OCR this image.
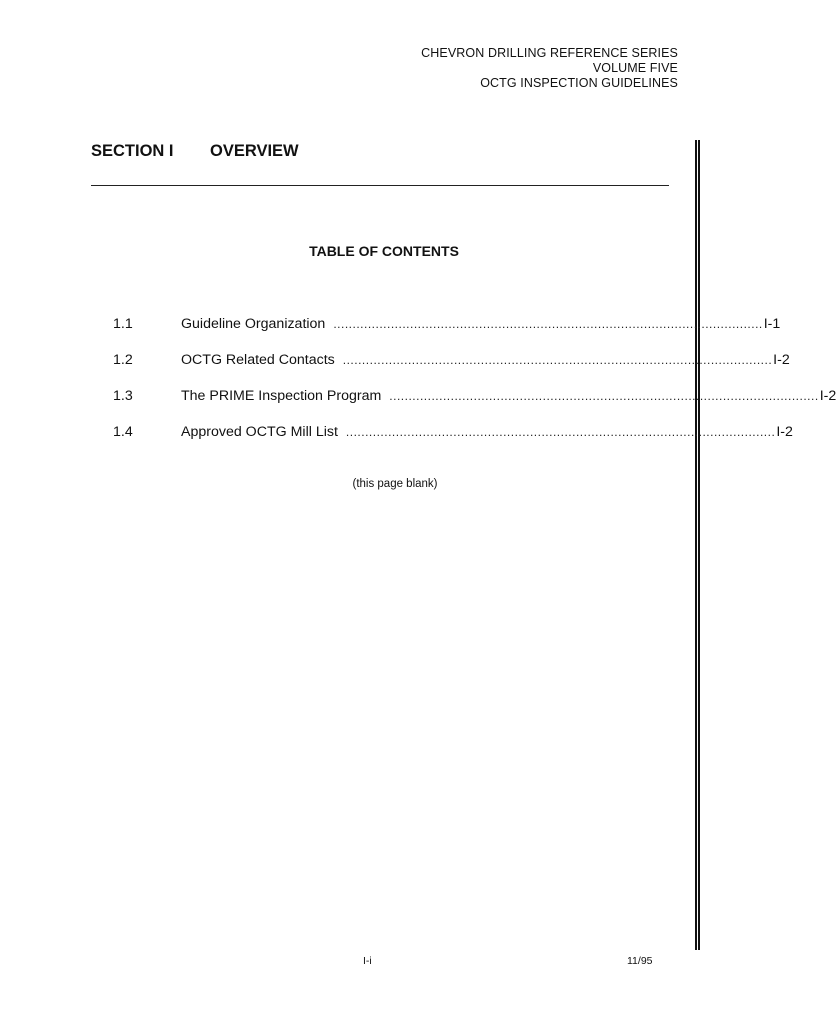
CHEVRON DRILLING REFERENCE SERIES
VOLUME FIVE
OCTG INSPECTION GUIDELINES
SECTION I OVERVIEW
TABLE OF CONTENTS
1.1	Guideline Organization ................................................................................................................ I-1
1.2	OCTG Related Contacts ................................................................................................................ I-2
1.3	The PRIME Inspection Program ................................................................................................................ I-2
1.4	Approved OCTG Mill List ................................................................................................................ I-2
(this page blank)
I-i	11/95
